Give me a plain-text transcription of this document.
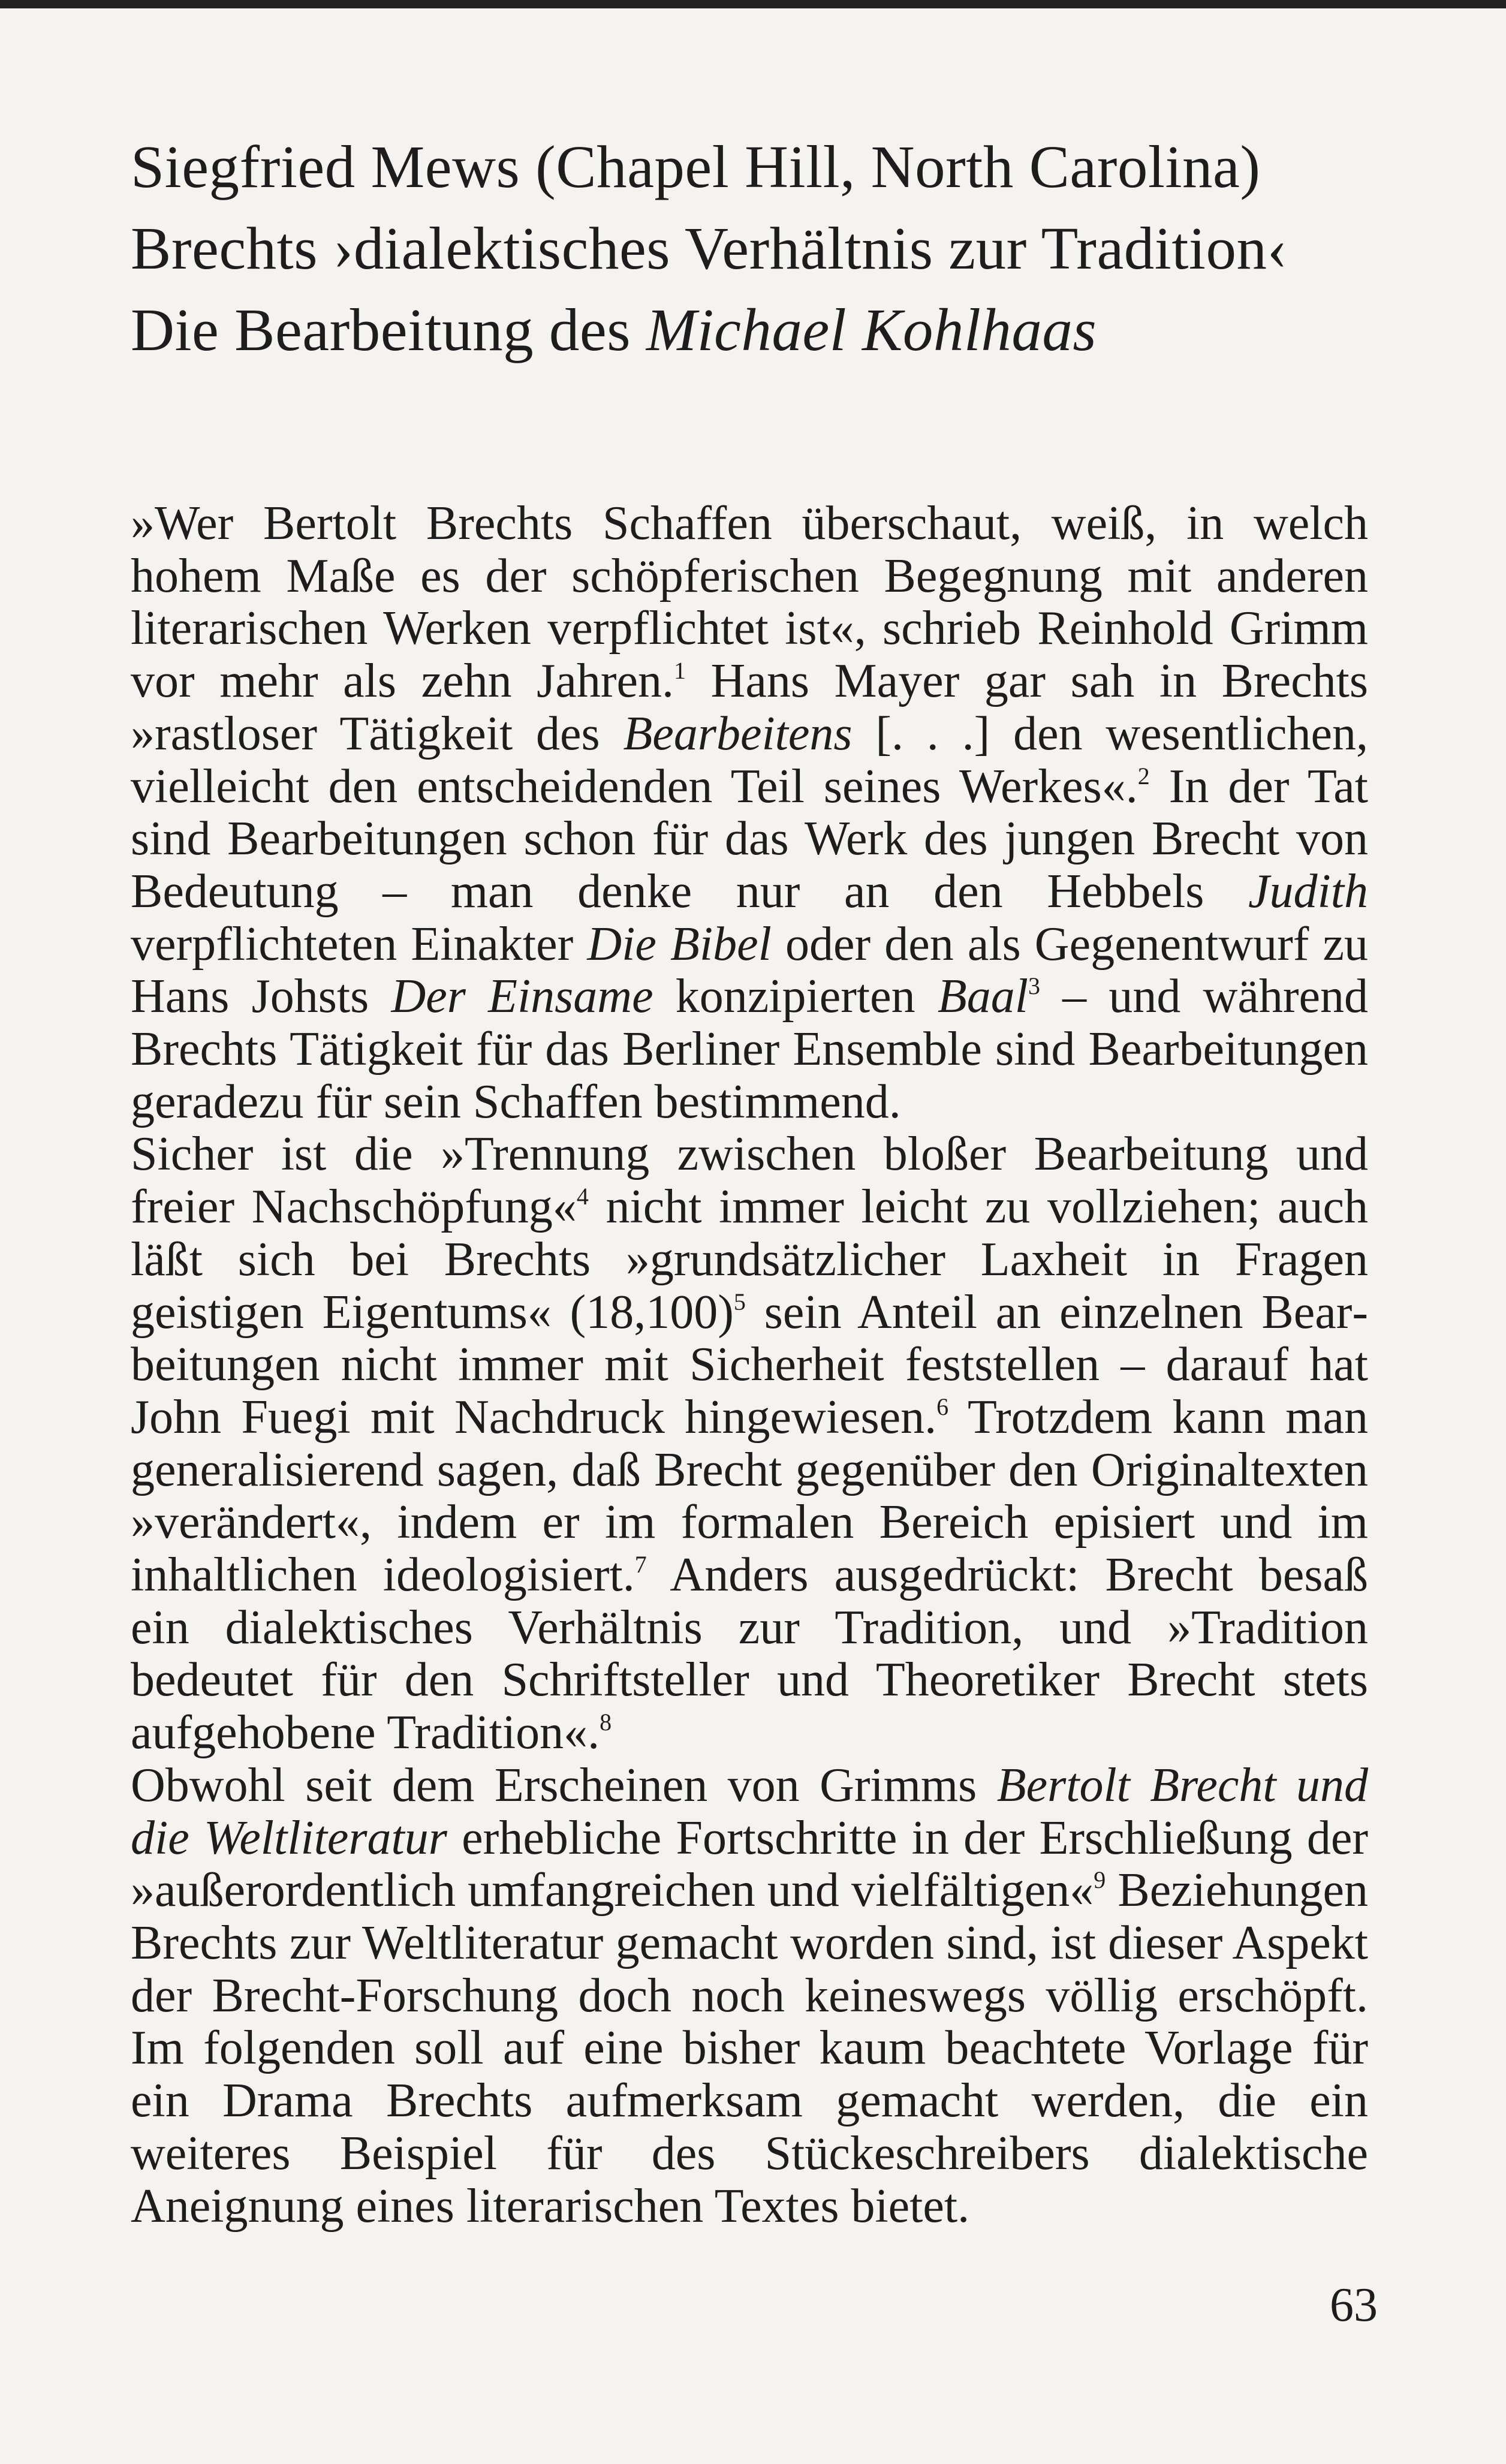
Siegfried Mews (Chapel Hill, North Carolina)
Brechts ›dialektisches Verhältnis zur Tradition‹
Die Bearbeitung des Michael Kohlhaas

»Wer Bertolt Brechts Schaffen überschaut, weiß, in welch hohem Maße es der schöpferischen Begegnung mit anderen literarischen Werken verpflichtet ist«, schrieb Reinhold Grimm vor mehr als zehn Jahren.$^1$ Hans Mayer gar sah in Brechts »rastloser Tätigkeit des Bearbeitens [. . .] den wesentlichen, vielleicht den entscheidenden Teil seines Werkes«.$^2$ In der Tat sind Bearbeitungen schon für das Werk des jungen Brecht von Bedeutung – man denke nur an den Hebbels Judith verpflichteten Einakter Die Bibel oder den als Gegenentwurf zu Hans Johsts Der Einsame konzipierten Baal$^3$ – und während Brechts Tätigkeit für das Berliner Ensemble sind Bearbeitungen geradezu für sein Schaffen bestimmend.

Sicher ist die »Trennung zwischen bloßer Bearbeitung und freier Nachschöpfung«$^4$ nicht immer leicht zu vollziehen; auch läßt sich bei Brechts »grundsätzlicher Laxheit in Fragen geistigen Eigentums« $(18,100)^5$ sein Anteil an einzelnen Bearbeitungen nicht immer mit Sicherheit feststellen – darauf hat John Fuegi mit Nachdruck hingewiesen.$^6$ Trotzdem kann man generalisierend sagen, daß Brecht gegenüber den Originaltexten »verändert«, indem er im formalen Bereich episiert und im inhaltlichen ideologisiert.$^7$ Anders ausgedrückt: Brecht besaß ein dialektisches Verhältnis zur Tradition, und »Tradition bedeutet für den Schriftsteller und Theoretiker Brecht stets aufgehobene Tradition«.$^8$

Obwohl seit dem Erscheinen von Grimms Bertolt Brecht und die Weltliteratur erhebliche Fortschritte in der Erschließung der »außerordentlich umfangreichen und vielfältigen«$^9$ Beziehungen Brechts zur Weltliteratur gemacht worden sind, ist dieser Aspekt der Brecht-Forschung doch noch keineswegs völlig erschöpft. Im folgenden soll auf eine bisher kaum beachtete Vorlage für ein Drama Brechts aufmerksam gemacht werden, die ein weiteres Beispiel für des Stückeschreibers dialektische Aneignung eines literarischen Textes bietet.

63
